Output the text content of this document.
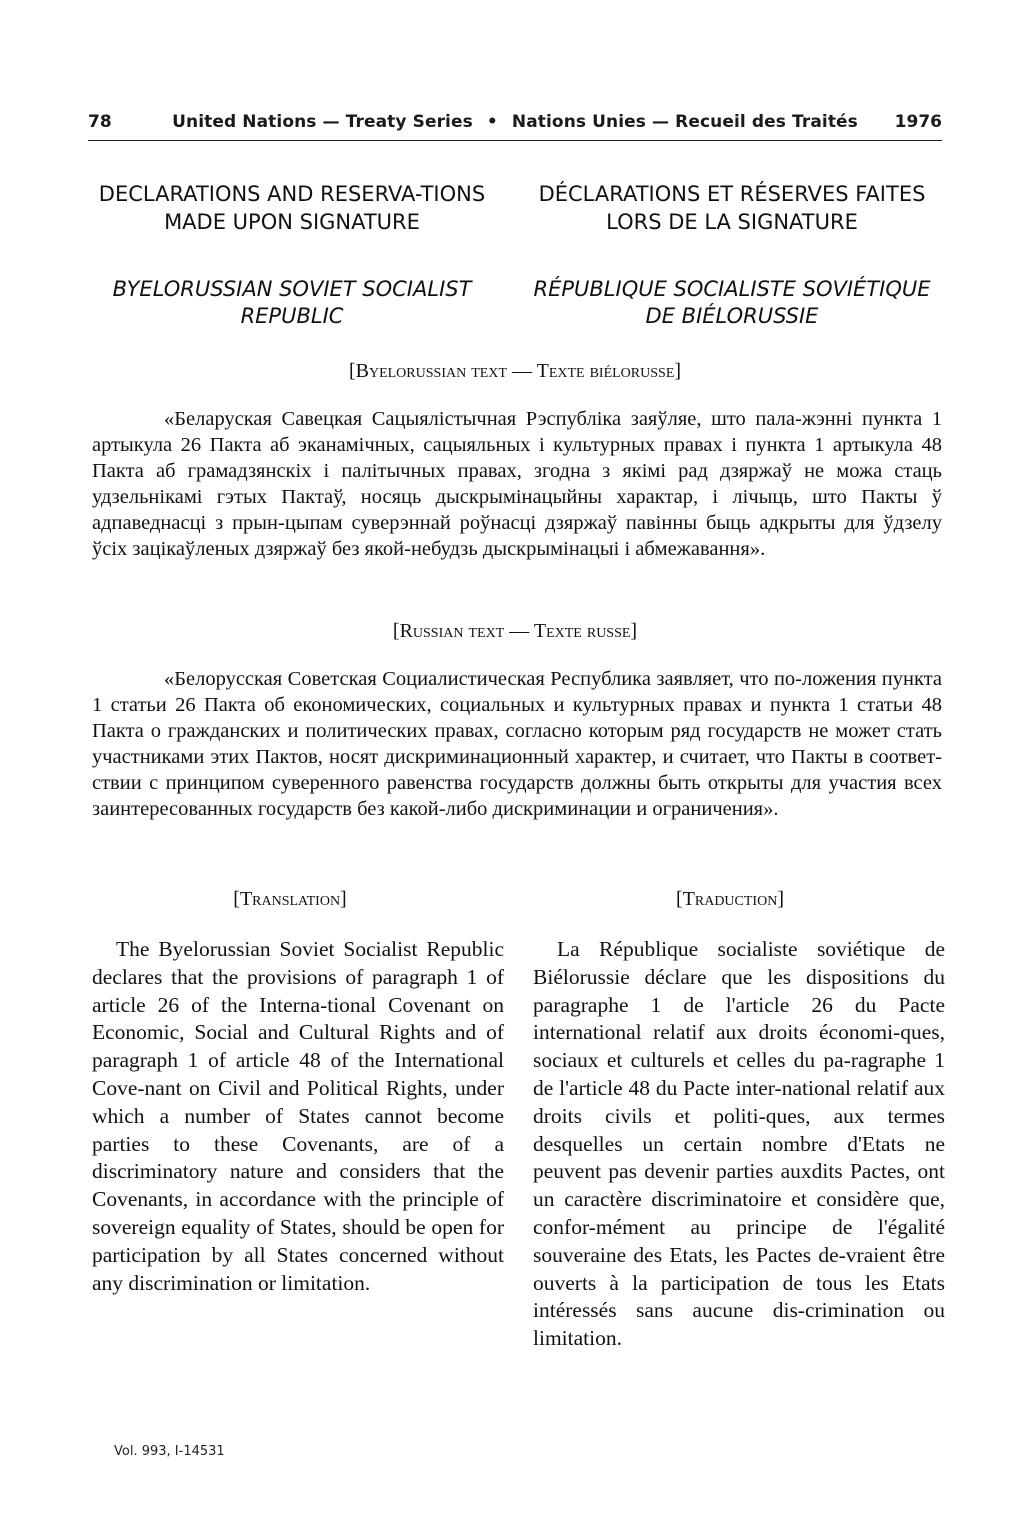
78	United Nations — Treaty Series • Nations Unies — Recueil des Traités	1976
DECLARATIONS AND RESERVA-TIONS MADE UPON SIGNATURE
DÉCLARATIONS ET RÉSERVES FAITES LORS DE LA SIGNATURE
BYELORUSSIAN SOVIET SOCIALIST REPUBLIC
RÉPUBLIQUE SOCIALISTE SOVIÉTIQUE DE BIÉLORUSSIE
[Byelorussian text — Texte biélorusse]
«Беларуская Савецкая Сацыялістычная Рэспубліка заяўляе, што пала-жэнні пункта 1 артыкула 26 Пакта аб эканамічных, сацыяльных і культурных правах і пункта 1 артыкула 48 Пакта аб грамадзянскіх і палітычных правах, згодна з якімі рад дзяржаў не можа стаць удзельнікамі гэтых Пактаў, носяць дыскрымінацыйны характар, і лічыць, што Пакты ў адпаведнасці з прын-цыпам суверэннай роўнасці дзяржаў павінны быць адкрыты для ўдзелу ўсіх зацікаўленых дзяржаў без якой-небудзь дыскрымінацыі і абмежавання».
[Russian text — Texte russe]
«Белорусская Советская Социалистическая Республика заявляет, что по-ложения пункта 1 статьи 26 Пакта об економических, социальных и культурных правах и пункта 1 статьи 48 Пакта о гражданских и политических правах, согласно которым ряд государств не может стать участниками этих Пактов, носят дискриминационный характер, и считает, что Пакты в соответ-ствии с принципом суверенного равенства государств должны быть открыты для участия всех заинтересованных государств без какой-либо дискриминации и ограничения».
[Translation]	[Traduction]
The Byelorussian Soviet Socialist Republic declares that the provisions of paragraph 1 of article 26 of the Interna-tional Covenant on Economic, Social and Cultural Rights and of paragraph 1 of article 48 of the International Cove-nant on Civil and Political Rights, under which a number of States cannot become parties to these Covenants, are of a discriminatory nature and considers that the Covenants, in accordance with the principle of sovereign equality of States, should be open for participation by all States concerned without any discrimination or limitation.
La République socialiste soviétique de Biélorussie déclare que les dispositions du paragraphe 1 de l'article 26 du Pacte international relatif aux droits économi-ques, sociaux et culturels et celles du pa-ragraphe 1 de l'article 48 du Pacte inter-national relatif aux droits civils et politi-ques, aux termes desquelles un certain nombre d'Etats ne peuvent pas devenir parties auxdits Pactes, ont un caractère discriminatoire et considère que, confor-mément au principe de l'égalité souveraine des Etats, les Pactes de-vraient être ouverts à la participation de tous les Etats intéressés sans aucune dis-crimination ou limitation.
Vol. 993, I-14531
